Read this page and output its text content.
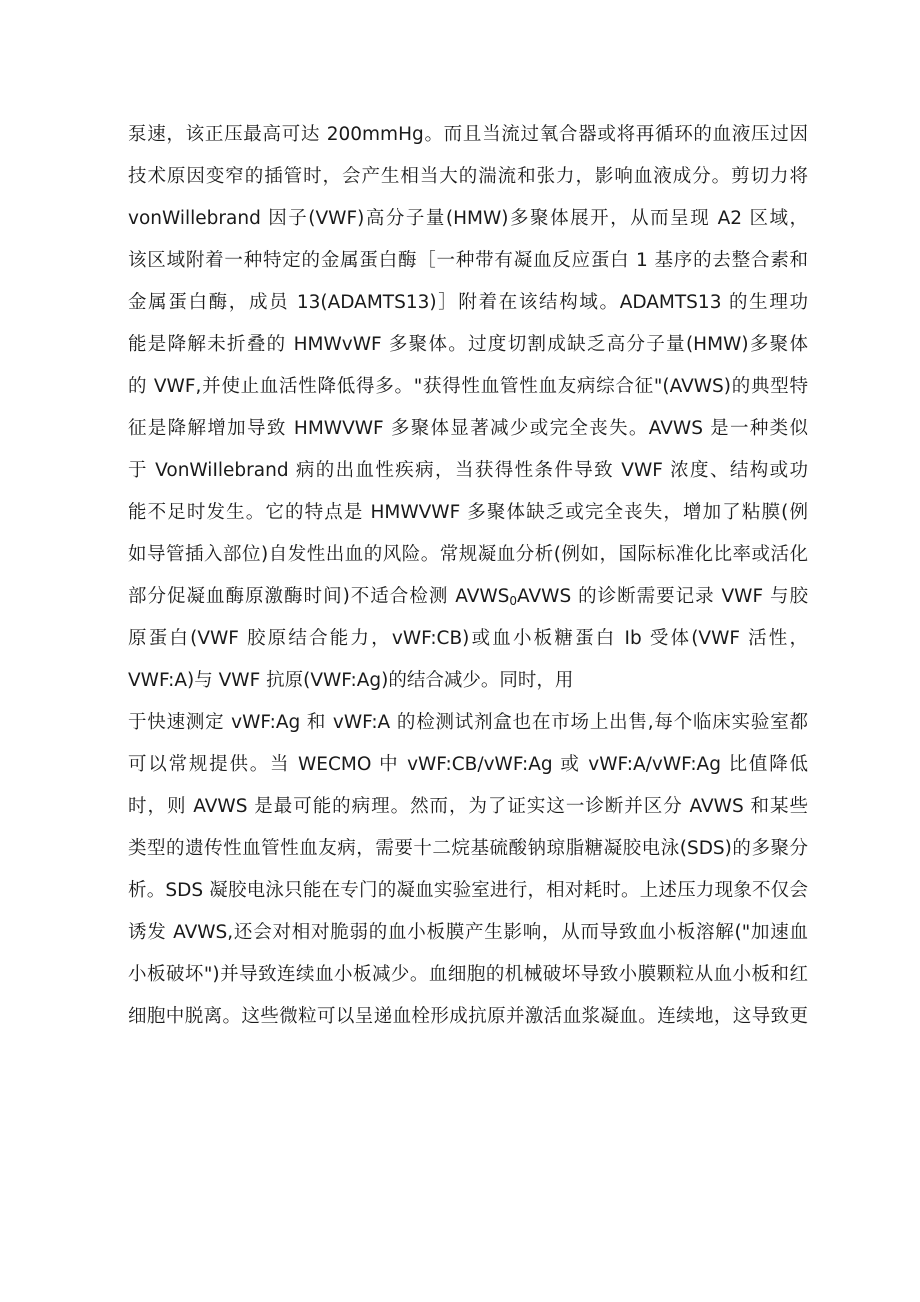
泵速，该正压最高可达 200mmHg。而且当流过氧合器或将再循环的血液压过因
技术原因变窄的插管时，会产生相当大的湍流和张力，影响血液成分。剪切力将
vonWillebrand 因子(VWF)高分子量(HMW)多聚体展开，从而呈现 A2 区域，
该区域附着一种特定的金属蛋白酶［一种带有凝血反应蛋白 1 基序的去整合素和
金属蛋白酶，成员 13(ADAMTS13)］附着在该结构域。ADAMTS13 的生理功
能是降解未折叠的 HMWvWF 多聚体。过度切割成缺乏高分子量(HMW)多聚体
的 VWF,并使止血活性降低得多。"获得性血管性血友病综合征"(AVWS)的典型特
征是降解增加导致 HMWVWF 多聚体显著减少或完全丧失。AVWS 是一种类似
于 VonWiIlebrand 病的出血性疾病，当获得性条件导致 VWF 浓度、结构或功
能不足时发生。它的特点是 HMWVWF 多聚体缺乏或完全丧失，增加了粘膜(例
如导管插入部位)自发性出血的风险。常规凝血分析(例如，国际标准化比率或活化
部分促凝血酶原激酶时间)不适合检测 $AVWS_0AVWS$ 的诊断需要记录 VWF 与胶
原蛋白(VWF 胶原结合能力，vWF:CB)或血小板糖蛋白 Ib 受体(VWF 活性，
VWF:A)与 VWF 抗原(VWF:Ag)的结合减少。同时，用
于快速测定 vWF:Ag 和 vWF:A 的检测试剂盒也在市场上出售,每个临床实验室都
可以常规提供。当 WECMO 中 vWF:CB/vWF:Ag 或 vWF:A/vWF:Ag 比值降低
时，则 AVWS 是最可能的病理。然而，为了证实这一诊断并区分 AVWS 和某些
类型的遗传性血管性血友病，需要十二烷基硫酸钠琼脂糖凝胶电泳(SDS)的多聚分
析。SDS 凝胶电泳只能在专门的凝血实验室进行，相对耗时。上述压力现象不仅会
诱发 AVWS,还会对相对脆弱的血小板膜产生影响，从而导致血小板溶解("加速血
小板破坏")并导致连续血小板减少。血细胞的机械破坏导致小膜颗粒从血小板和红
细胞中脱离。这些微粒可以呈递血栓形成抗原并激活血浆凝血。连续地，这导致更
